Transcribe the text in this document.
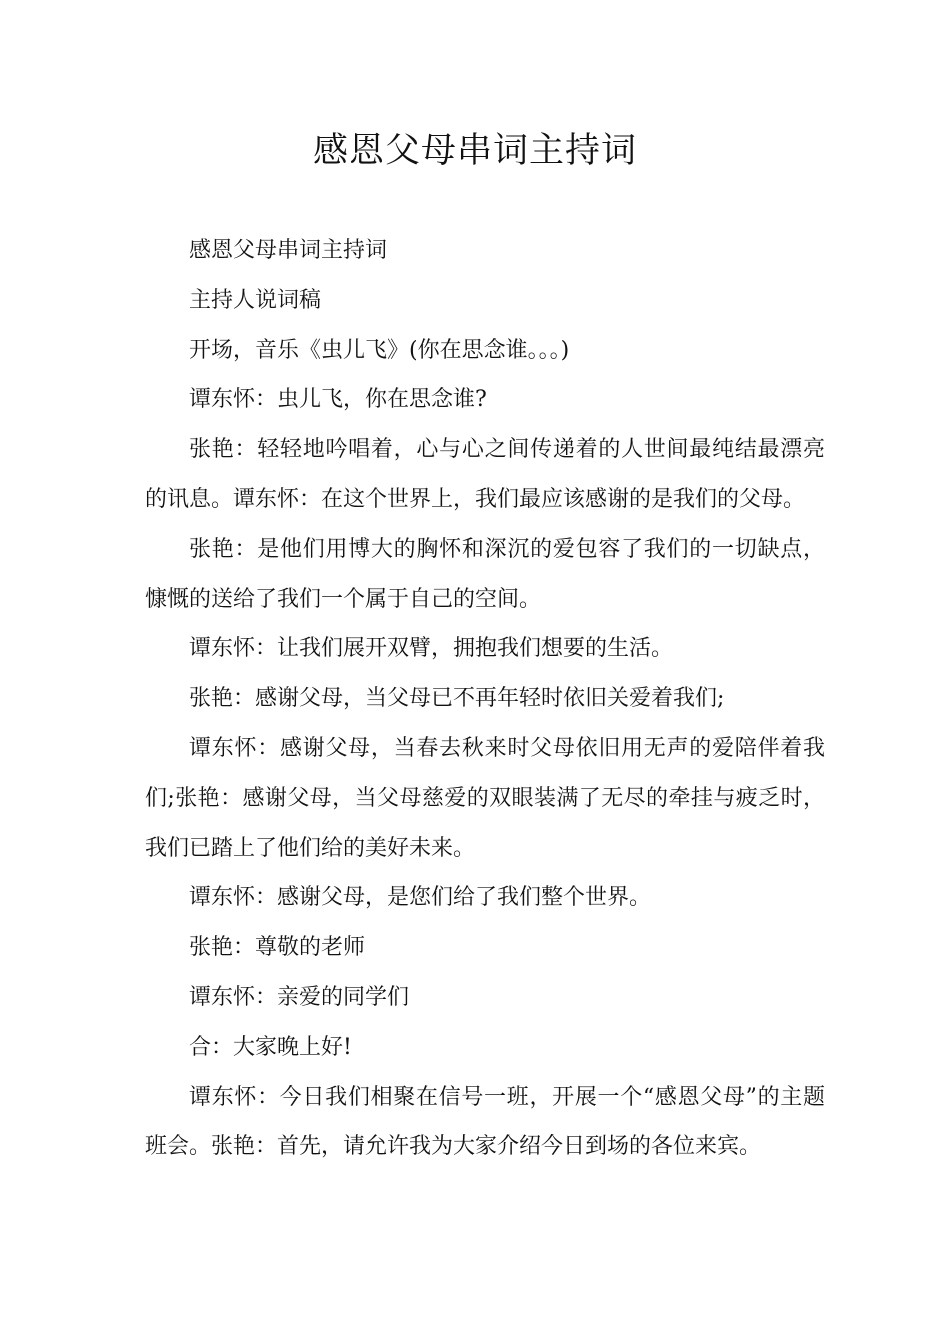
感恩父母串词主持词

感恩父母串词主持词

主持人说词稿

开场，音乐《虫儿飞》(你在思念谁。。。)

谭东怀：虫儿飞，你在思念谁?

张艳：轻轻地吟唱着，心与心之间传递着的人世间最纯结最漂亮的讯息。谭东怀：在这个世界上，我们最应该感谢的是我们的父母。

张艳：是他们用博大的胸怀和深沉的爱包容了我们的一切缺点，慷慨的送给了我们一个属于自己的空间。

谭东怀：让我们展开双臂，拥抱我们想要的生活。

张艳：感谢父母，当父母已不再年轻时依旧关爱着我们;

谭东怀：感谢父母，当春去秋来时父母依旧用无声的爱陪伴着我们;张艳：感谢父母，当父母慈爱的双眼装满了无尽的牵挂与疲乏时，我们已踏上了他们给的美好未来。

谭东怀：感谢父母，是您们给了我们整个世界。

张艳：尊敬的老师

谭东怀：亲爱的同学们

合：大家晚上好!

谭东怀：今日我们相聚在信号一班，开展一个“感恩父母”的主题班会。张艳：首先，请允许我为大家介绍今日到场的各位来宾。
